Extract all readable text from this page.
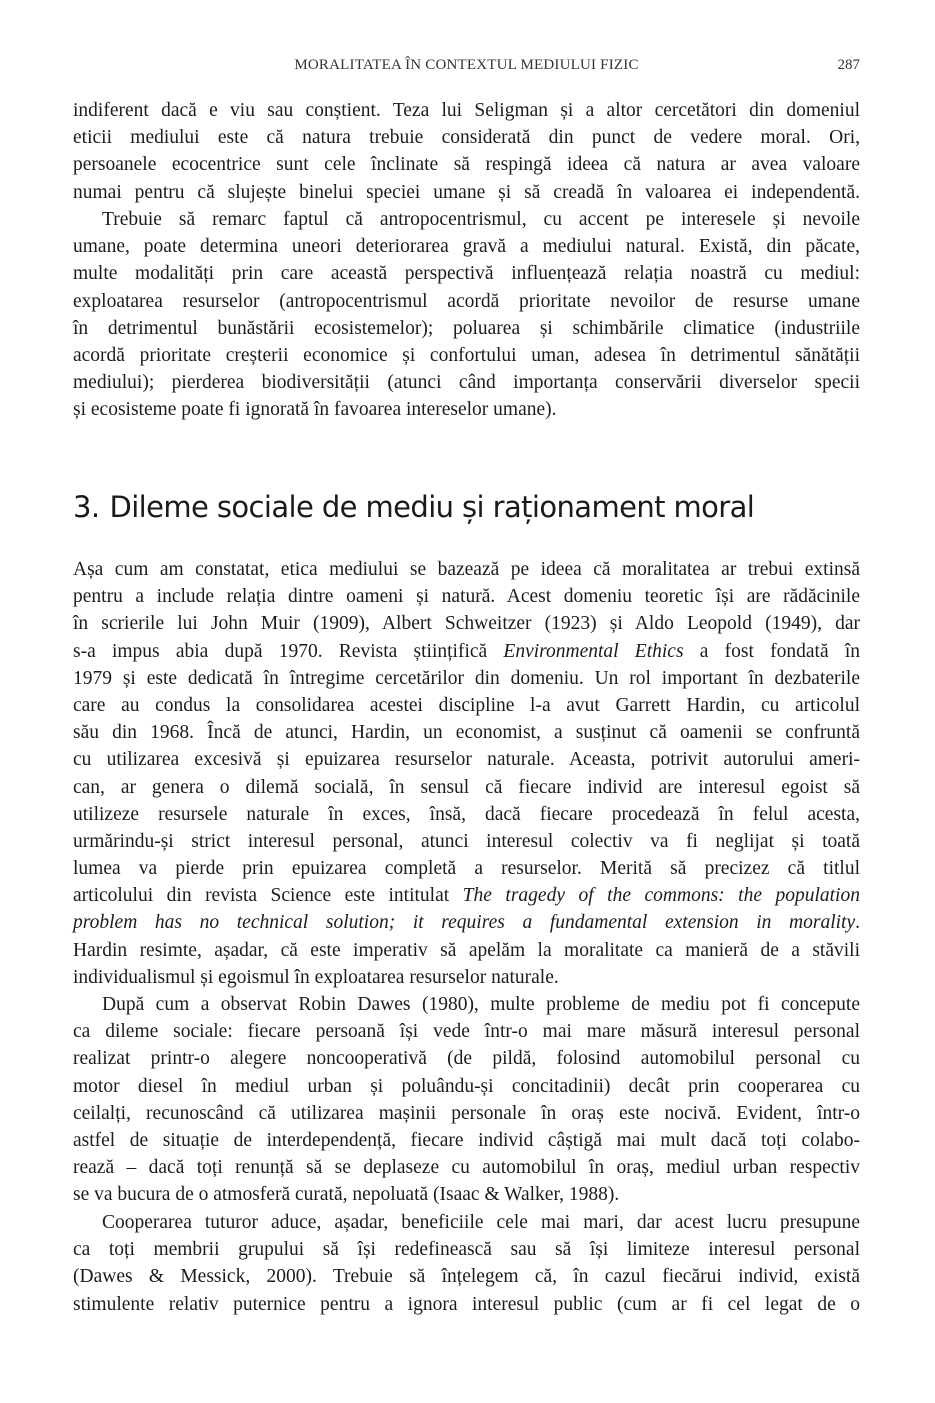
MORALITATEA ÎN CONTEXTUL MEDIULUI FIZIC	287
indiferent dacă e viu sau conștient. Teza lui Seligman și a altor cercetători din domeniul
eticii mediului este că natura trebuie considerată din punct de vedere moral. Ori,
persoanele ecocentrice sunt cele înclinate să respingă ideea că natura ar avea valoare
numai pentru că slujește binelui speciei umane și să creadă în valoarea ei independentă.
Trebuie să remarc faptul că antropocentrismul, cu accent pe interesele și nevoile
umane, poate determina uneori deteriorarea gravă a mediului natural. Există, din păcate,
multe modalități prin care această perspectivă influențează relația noastră cu mediul:
exploatarea resurselor (antropocentrismul acordă prioritate nevoilor de resurse umane
în detrimentul bunăstării ecosistemelor); poluarea și schimbările climatice (industriile
acordă prioritate creșterii economice și confortului uman, adesea în detrimentul sănătății
mediului); pierderea biodiversității (atunci când importanța conservării diverselor specii
și ecosisteme poate fi ignorată în favoarea intereselor umane).
3. Dileme sociale de mediu și raționament moral
Așa cum am constatat, etica mediului se bazează pe ideea că moralitatea ar trebui extinsă
pentru a include relația dintre oameni și natură. Acest domeniu teoretic își are rădăcinile
în scrierile lui John Muir (1909), Albert Schweitzer (1923) și Aldo Leopold (1949), dar
s-a impus abia după 1970. Revista științifică Environmental Ethics a fost fondată în
1979 și este dedicată în întregime cercetărilor din domeniu. Un rol important în dezbaterile
care au condus la consolidarea acestei discipline l-a avut Garrett Hardin, cu articolul
său din 1968. Încă de atunci, Hardin, un economist, a susținut că oamenii se confruntă
cu utilizarea excesivă și epuizarea resurselor naturale. Aceasta, potrivit autorului ameri-
can, ar genera o dilemă socială, în sensul că fiecare individ are interesul egoist să
utilizeze resursele naturale în exces, însă, dacă fiecare procedează în felul acesta,
urmărindu-și strict interesul personal, atunci interesul colectiv va fi neglijat și toată
lumea va pierde prin epuizarea completă a resurselor. Merită să precizez că titlul
articolului din revista Science este intitulat The tragedy of the commons: the population
problem has no technical solution; it requires a fundamental extension in morality.
Hardin resimte, așadar, că este imperativ să apelăm la moralitate ca manieră de a stăvili
individualismul și egoismul în exploatarea resurselor naturale.
După cum a observat Robin Dawes (1980), multe probleme de mediu pot fi concepute
ca dileme sociale: fiecare persoană își vede într-o mai mare măsură interesul personal
realizat printr-o alegere noncooperativă (de pildă, folosind automobilul personal cu
motor diesel în mediul urban și poluându-și concitadinii) decât prin cooperarea cu
ceilalți, recunoscând că utilizarea mașinii personale în oraș este nocivă. Evident, într-o
astfel de situație de interdependență, fiecare individ câștigă mai mult dacă toți colabo-
rează – dacă toți renunță să se deplaseze cu automobilul în oraș, mediul urban respectiv
se va bucura de o atmosferă curată, nepoluată (Isaac & Walker, 1988).
Cooperarea tuturor aduce, așadar, beneficiile cele mai mari, dar acest lucru presupune
ca toți membrii grupului să își redefinească sau să își limiteze interesul personal
(Dawes & Messick, 2000). Trebuie să înțelegem că, în cazul fiecărui individ, există
stimulente relativ puternice pentru a ignora interesul public (cum ar fi cel legat de o
